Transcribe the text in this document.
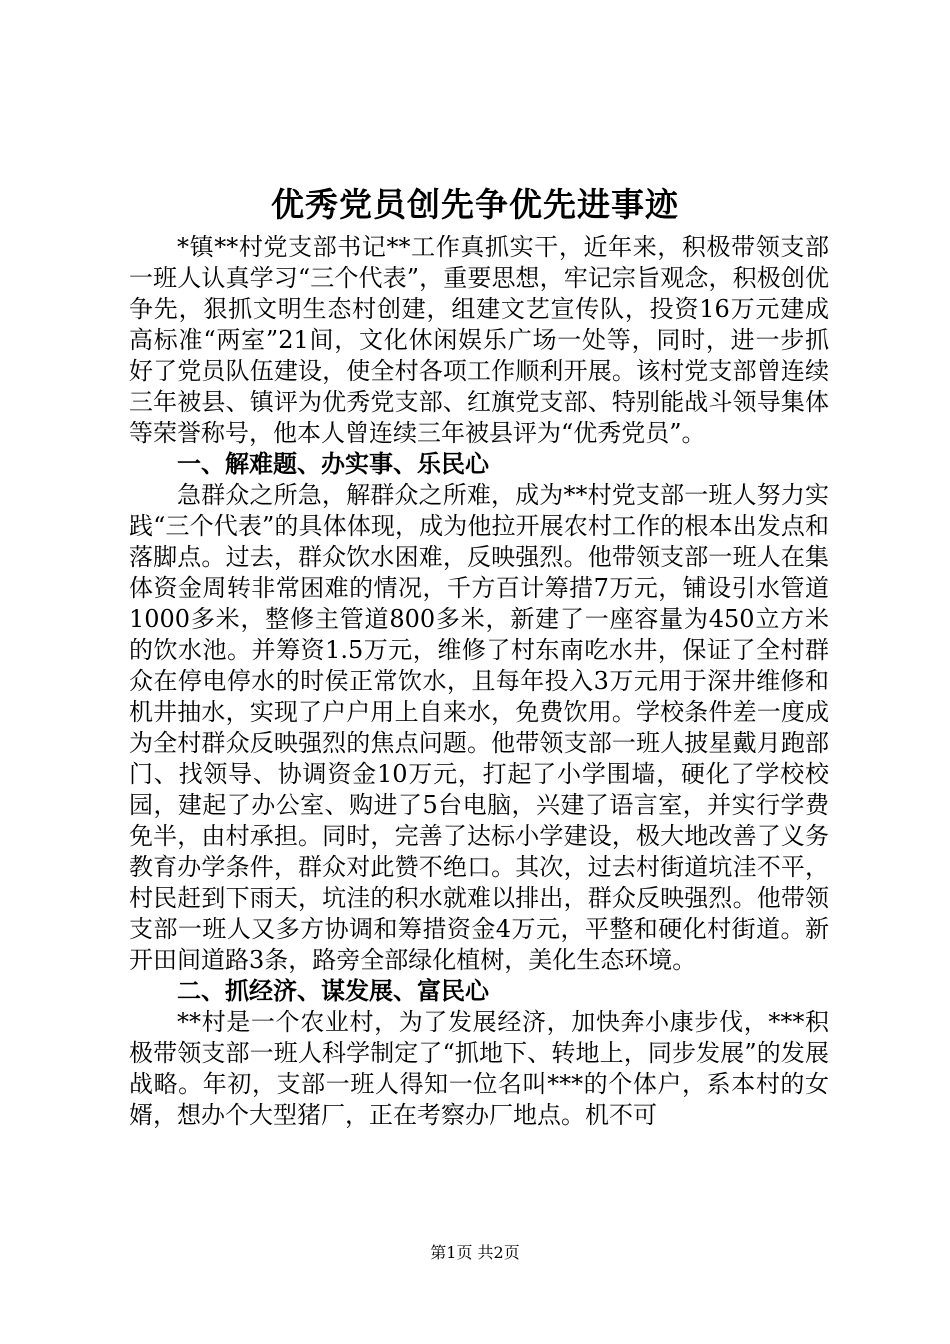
优秀党员创先争优先进事迹

*镇**村党支部书记**工作真抓实干，近年来，积极带领支部一班人认真学习“三个代表”，重要思想，牢记宗旨观念，积极创优争先，狠抓文明生态村创建，组建文艺宣传队，投资16万元建成高标准“两室”21间，文化休闲娱乐广场一处等，同时，进一步抓好了党员队伍建设，使全村各项工作顺利开展。该村党支部曾连续三年被县、镇评为优秀党支部、红旗党支部、特别能战斗领导集体等荣誉称号，他本人曾连续三年被县评为“优秀党员”。

一、解难题、办实事、乐民心

急群众之所急，解群众之所难，成为**村党支部一班人努力实践“三个代表”的具体体现，成为他拉开展农村工作的根本出发点和落脚点。过去，群众饮水困难，反映强烈。他带领支部一班人在集体资金周转非常困难的情况，千方百计筹措7万元，铺设引水管道1000多米，整修主管道800多米，新建了一座容量为450立方米的饮水池。并筹资1.5万元，维修了村东南吃水井，保证了全村群众在停电停水的时侯正常饮水，且每年投入3万元用于深井维修和机井抽水，实现了户户用上自来水，免费饮用。学校条件差一度成为全村群众反映强烈的焦点问题。他带领支部一班人披星戴月跑部门、找领导、协调资金10万元，打起了小学围墙，硬化了学校校园，建起了办公室、购进了5台电脑，兴建了语言室，并实行学费免半，由村承担。同时，完善了达标小学建设，极大地改善了义务教育办学条件，群众对此赞不绝口。其次，过去村街道坑洼不平，村民赶到下雨天，坑洼的积水就难以排出，群众反映强烈。他带领支部一班人又多方协调和筹措资金4万元，平整和硬化村街道。新开田间道路3条，路旁全部绿化植树，美化生态环境。

二、抓经济、谋发展、富民心

**村是一个农业村，为了发展经济，加快奔小康步伐，***积极带领支部一班人科学制定了“抓地下、转地上，同步发展”的发展战略。年初，支部一班人得知一位名叫***的个体户，系本村的女婿，想办个大型猪厂，正在考察办厂地点。机不可

第1页 共2页
